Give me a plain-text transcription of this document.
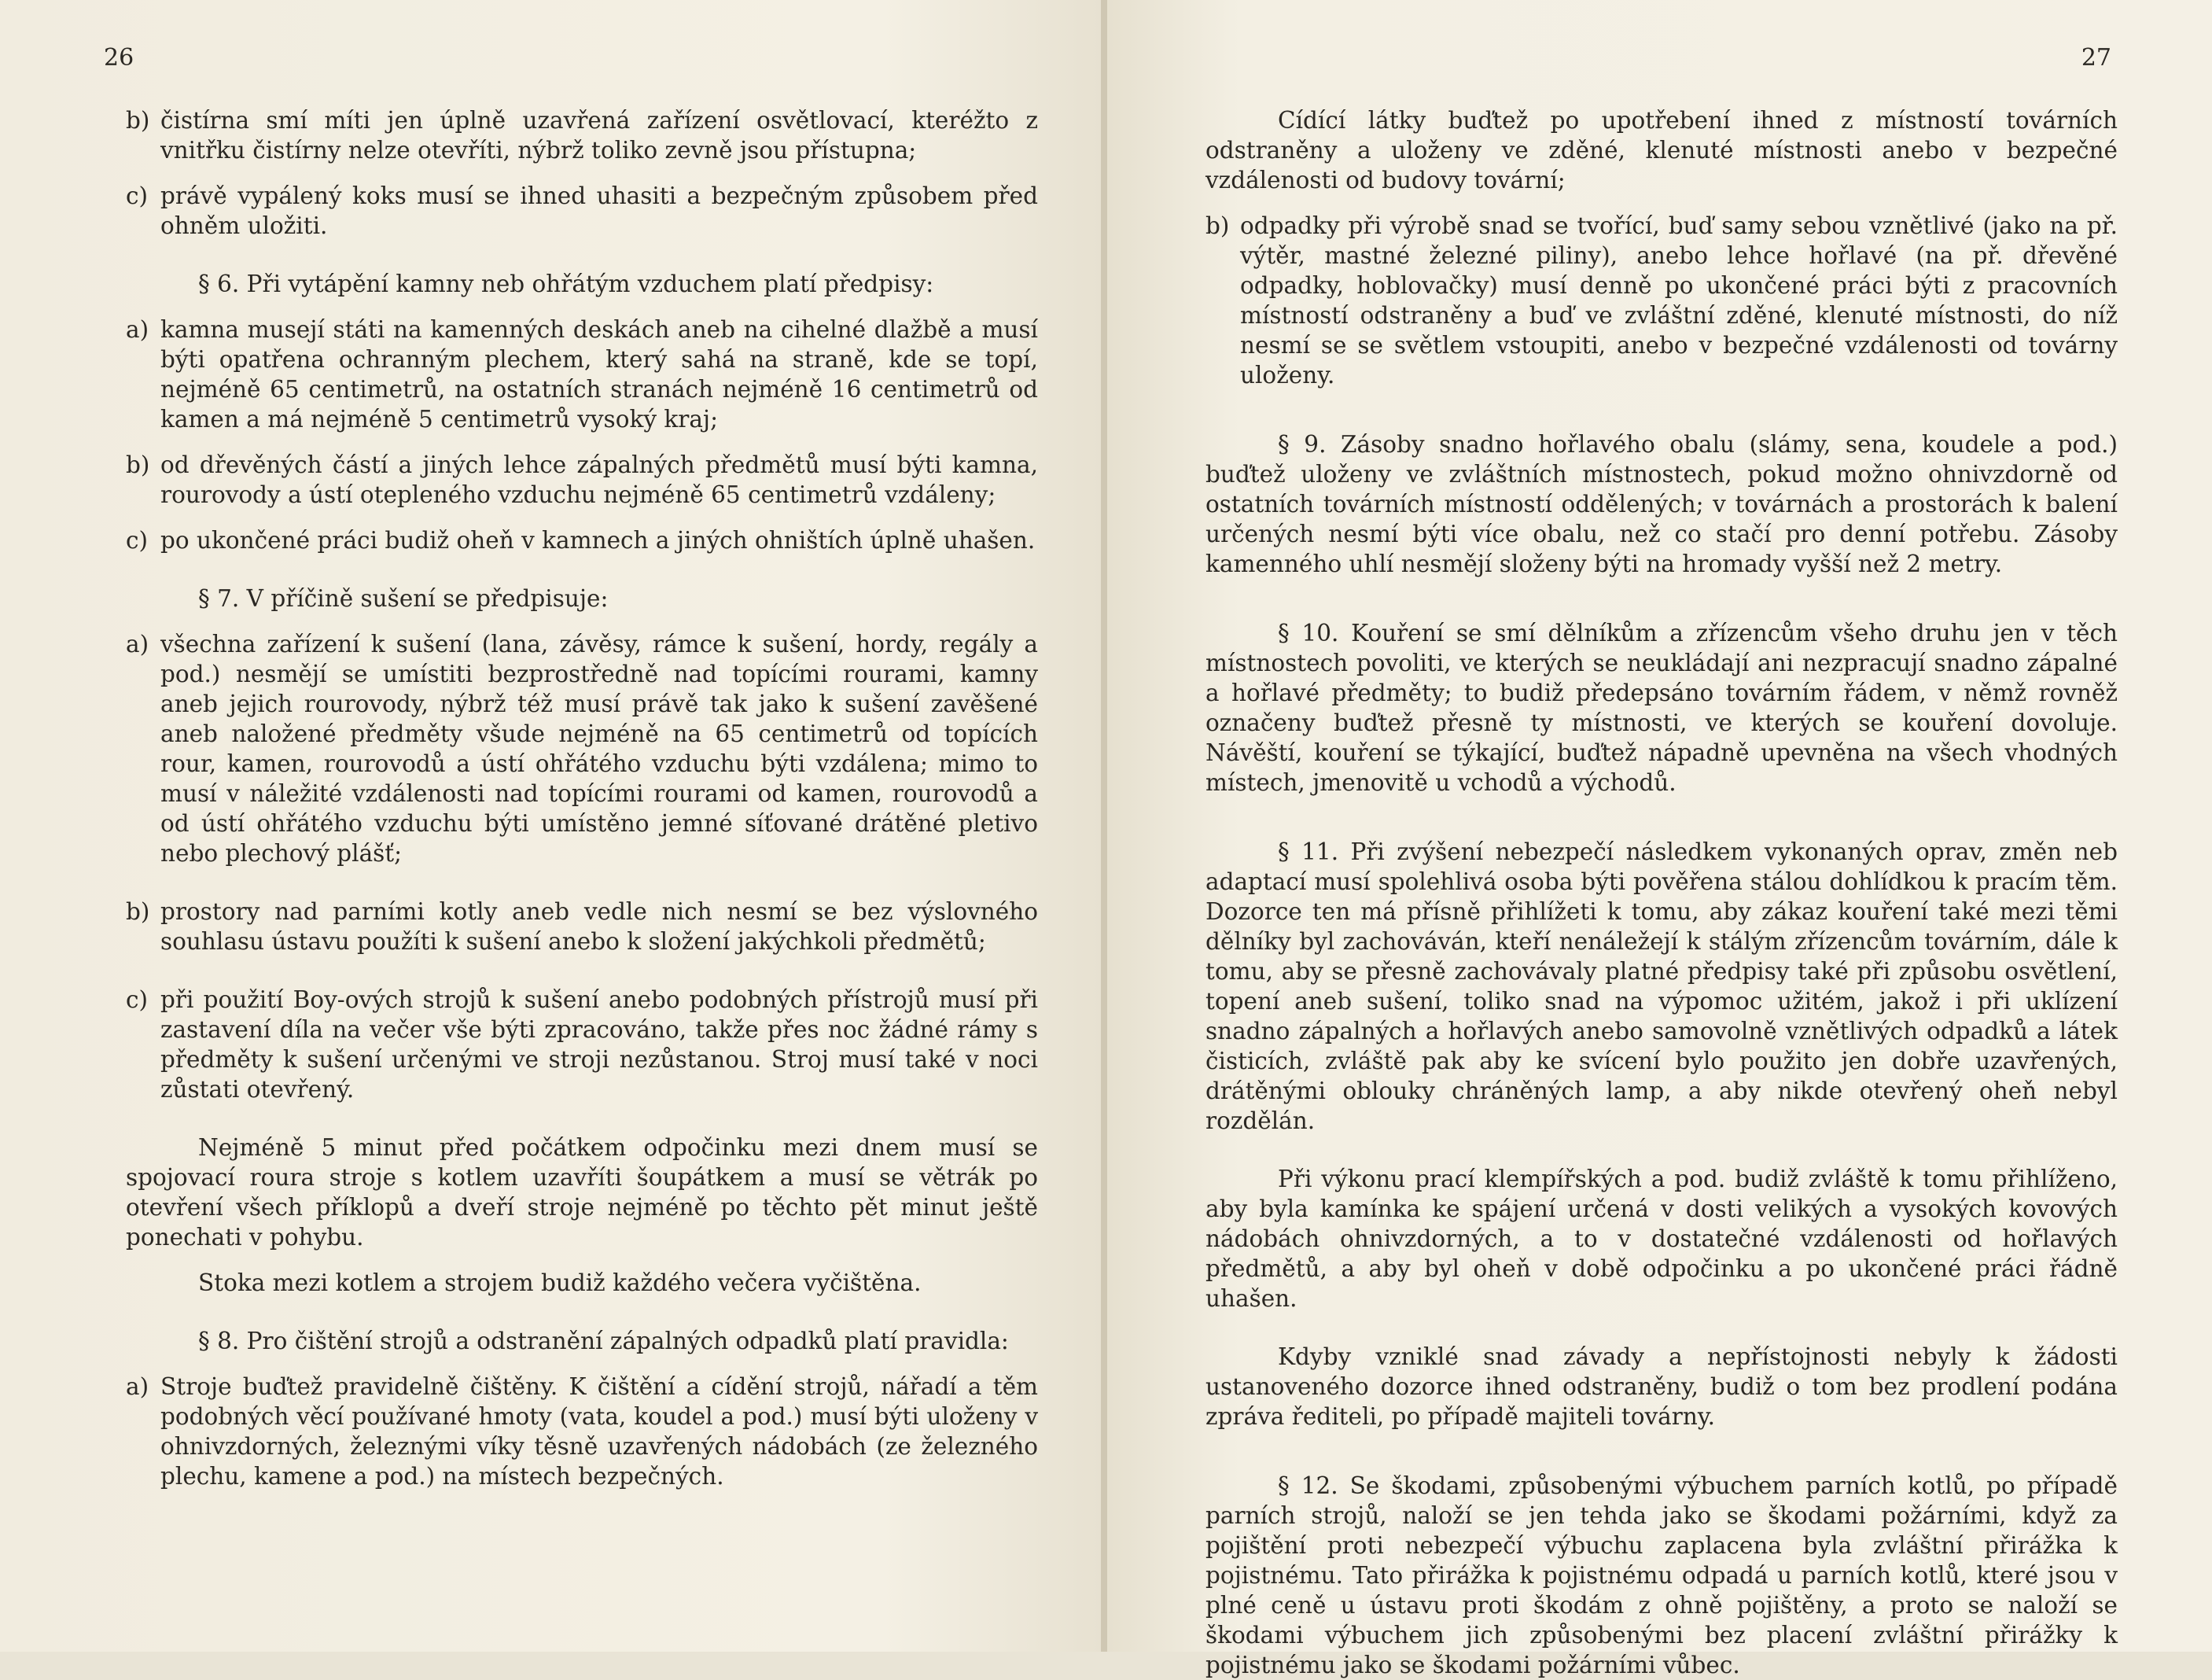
26
b) čistírna smí míti jen úplně uzavřená zařízení osvětlovací, kteréžto z vnitřku čistírny nelze otevříti, nýbrž toliko zevně jsou přístupna;
c) právě vypálený koks musí se ihned uhasiti a bezpečným způsobem před ohněm uložiti.

§ 6. Při vytápění kamny neb ohřátým vzduchem platí předpisy:

a) kamna musejí státi na kamenných deskách aneb na cihelné dlažbě a musí býti opatřena ochranným plechem, který sahá na straně, kde se topí, nejméně 65 centimetrů, na ostatních stranách nejméně 16 centimetrů od kamen a má nejméně 5 centimetrů vysoký kraj;
b) od dřevěných částí a jiných lehce zápalných předmětů musí býti kamna, rourovody a ústí otepleného vzduchu nejméně 65 centimetrů vzdáleny;
c) po ukončené práci budiž oheň v kamnech a jiných ohništích úplně uhašen.

§ 7. V příčině sušení se předpisuje:

a) všechna zařízení k sušení (lana, závěsy, rámce k sušení, hordy, regály a pod.) nesmějí se umístiti bezprostředně nad topícími rourami, kamny aneb jejich rourovody, nýbrž též musí právě tak jako k sušení zavěšené aneb naložené předměty všude nejméně na 65 centimetrů od topících rour, kamen, rourovodů a ústí ohřátého vzduchu býti vzdálena; mimo to musí v náležité vzdálenosti nad topícími rourami od kamen, rourovodů a od ústí ohřátého vzduchu býti umístěno jemné síťované drátěné pletivo nebo plechový plášť;
b) prostory nad parními kotly aneb vedle nich nesmí se bez výslovného souhlasu ústavu použíti k sušení anebo k složení jakýchkoli předmětů;
c) při použití Boy-ových strojů k sušení anebo podobných přístrojů musí při zastavení díla na večer vše býti zpracováno, takže přes noc žádné rámy s předměty k sušení určenými ve stroji nezůstanou. Stroj musí také v noci zůstati otevřený.

Nejméně 5 minut před počátkem odpočinku mezi dnem musí se spojovací roura stroje s kotlem uzavříti šoupátkem a musí se větrák po otevření všech příklopů a dveří stroje nejméně po těchto pět minut ještě ponechati v pohybu.

Stoka mezi kotlem a strojem budiž každého večera vyčištěna.

§ 8. Pro čištění strojů a odstranění zápalných odpadků platí pravidla:

a) Stroje buďtež pravidelně čištěny. K čištění a cídění strojů, nářadí a těm podobných věcí používané hmoty (vata, koudel a pod.) musí býti uloženy v ohnivzdorných, železnými víky těsně uzavřených nádobách (ze železného plechu, kamene a pod.) na místech bezpečných.
27

Cídící látky buďtež po upotřebení ihned z místností továrních odstraněny a uloženy ve zděné, klenuté místnosti anebo v bezpečné vzdálenosti od budovy tovární;

b) odpadky při výrobě snad se tvořící, buď samy sebou vznětlivé (jako na př. výtěr, mastné železné piliny), anebo lehce hořlavé (na př. dřevěné odpadky, hoblovačky) musí denně po ukončené práci býti z pracovních místností odstraněny a buď ve zvláštní zděné, klenuté místnosti, do níž nesmí se se světlem vstoupiti, anebo v bezpečné vzdálenosti od továrny uloženy.

§ 9. Zásoby snadno hořlavého obalu (slámy, sena, koudele a pod.) buďtež uloženy ve zvláštních místnostech, pokud možno ohnivzdorně od ostatních továrních místností oddělených; v továrnách a prostorách k balení určených nesmí býti více obalu, než co stačí pro denní potřebu. Zásoby kamenného uhlí nesmějí složeny býti na hromady vyšší než 2 metry.

§ 10. Kouření se smí dělníkům a zřízencům všeho druhu jen v těch místnostech povoliti, ve kterých se neukládají ani nezpracují snadno zápalné a hořlavé předměty; to budiž předepsáno továrním řádem, v němž rovněž označeny buďtež přesně ty místnosti, ve kterých se kouření dovoluje. Návěští, kouření se týkající, buďtež nápadně upevněna na všech vhodných místech, jmenovitě u vchodů a východů.

§ 11. Při zvýšení nebezpečí následkem vykonaných oprav, změn neb adaptací musí spolehlivá osoba býti pověřena stálou dohlídkou k pracím těm. Dozorce ten má přísně přihlížeti k tomu, aby zákaz kouření také mezi těmi dělníky byl zachováván, kteří nenáležejí k stálým zřízencům továrním, dále k tomu, aby se přesně zachovávaly platné předpisy také při způsobu osvětlení, topení aneb sušení, toliko snad na výpomoc užitém, jakož i při uklízení snadno zápalných a hořlavých anebo samovolně vznětlivých odpadků a látek čisticích, zvláště pak aby ke svícení bylo použito jen dobře uzavřených, drátěnými oblouky chráněných lamp, a aby nikde otevřený oheň nebyl rozdělán.

Při výkonu prací klempířských a pod. budiž zvláště k tomu přihlíženo, aby byla kamínka ke spájení určená v dosti velikých a vysokých kovových nádobách ohnivzdorných, a to v dostatečné vzdálenosti od hořlavých předmětů, a aby byl oheň v době odpočinku a po ukončené práci řádně uhašen.

Kdyby vzniklé snad závady a nepřístojnosti nebyly k žádosti ustanoveného dozorce ihned odstraněny, budiž o tom bez prodlení podána zpráva řediteli, po případě majiteli továrny.

§ 12. Se škodami, způsobenými výbuchem parních kotlů, po případě parních strojů, naloží se jen tehda jako se škodami požárními, když za pojištění proti nebezpečí výbuchu zaplacena byla zvláštní přirážka k pojistnému. Tato přirážka k pojistnému odpadá u parních kotlů, které jsou v plné ceně u ústavu proti škodám z ohně pojištěny, a proto se naloží se škodami výbuchem jich způsobenými bez placení zvláštní přirážky k pojistnému jako se škodami požárními vůbec.
